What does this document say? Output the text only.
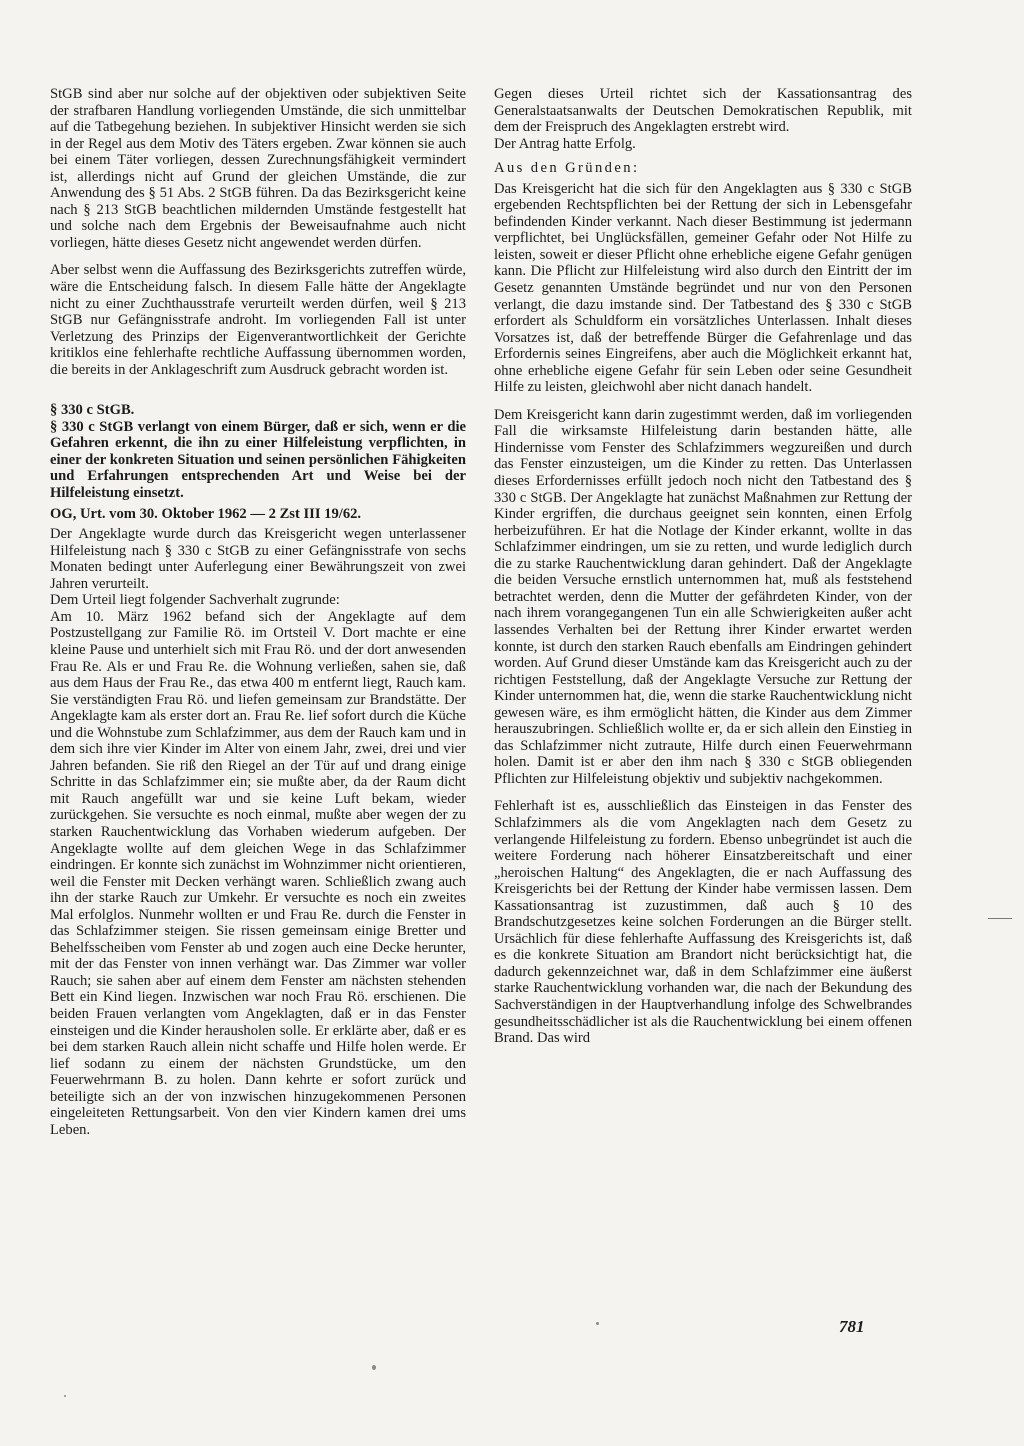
StGB sind aber nur solche auf der objektiven oder subjektiven Seite der strafbaren Handlung vorliegenden Umstände, die sich unmittelbar auf die Tatbegehung beziehen. In subjektiver Hinsicht werden sie sich in der Regel aus dem Motiv des Täters ergeben. Zwar können sie auch bei einem Täter vorliegen, dessen Zurechnungsfähigkeit vermindert ist, allerdings nicht auf Grund der gleichen Umstände, die zur Anwendung des § 51 Abs. 2 StGB führen. Da das Bezirksgericht keine nach § 213 StGB beachtlichen mildernden Umstände festgestellt hat und solche nach dem Ergebnis der Beweisaufnahme auch nicht vorliegen, hätte dieses Gesetz nicht angewendet werden dürfen.

Aber selbst wenn die Auffassung des Bezirksgerichts zutreffen würde, wäre die Entscheidung falsch. In diesem Falle hätte der Angeklagte nicht zu einer Zuchthausstrafe verurteilt werden dürfen, weil § 213 StGB nur Gefängnisstrafe androht. Im vorliegenden Fall ist unter Verletzung des Prinzips der Eigenverantwortlichkeit der Gerichte kritiklos eine fehlerhafte rechtliche Auffassung übernommen worden, die bereits in der Anklageschrift zum Ausdruck gebracht worden ist.

§ 330 c StGB.

§ 330 c StGB verlangt von einem Bürger, daß er sich, wenn er die Gefahren erkennt, die ihn zu einer Hilfeleistung verpflichten, in einer der konkreten Situation und seinen persönlichen Fähigkeiten und Erfahrungen entsprechenden Art und Weise bei der Hilfeleistung einsetzt.

OG, Urt. vom 30. Oktober 1962 — 2 Zst III 19/62.

Der Angeklagte wurde durch das Kreisgericht wegen unterlassener Hilfeleistung nach § 330 c StGB zu einer Gefängnisstrafe von sechs Monaten bedingt unter Auferlegung einer Bewährungszeit von zwei Jahren verurteilt.

Dem Urteil liegt folgender Sachverhalt zugrunde:

Am 10. März 1962 befand sich der Angeklagte auf dem Postzustellgang zur Familie Rö. im Ortsteil V. Dort machte er eine kleine Pause und unterhielt sich mit Frau Rö. und der dort anwesenden Frau Re. Als er und Frau Re. die Wohnung verließen, sahen sie, daß aus dem Haus der Frau Re., das etwa 400 m entfernt liegt, Rauch kam. Sie verständigten Frau Rö. und liefen gemeinsam zur Brandstätte. Der Angeklagte kam als erster dort an. Frau Re. lief sofort durch die Küche und die Wohnstube zum Schlafzimmer, aus dem der Rauch kam und in dem sich ihre vier Kinder im Alter von einem Jahr, zwei, drei und vier Jahren befanden. Sie riß den Riegel an der Tür auf und drang einige Schritte in das Schlafzimmer ein; sie mußte aber, da der Raum dicht mit Rauch angefüllt war und sie keine Luft bekam, wieder zurückgehen. Sie versuchte es noch einmal, mußte aber wegen der zu starken Rauchentwicklung das Vorhaben wiederum aufgeben. Der Angeklagte wollte auf dem gleichen Wege in das Schlafzimmer eindringen. Er konnte sich zunächst im Wohnzimmer nicht orientieren, weil die Fenster mit Decken verhängt waren. Schließlich zwang auch ihn der starke Rauch zur Umkehr. Er versuchte es noch ein zweites Mal erfolglos. Nunmehr wollten er und Frau Re. durch die Fenster in das Schlafzimmer steigen. Sie rissen gemeinsam einige Bretter und Behelfsscheiben vom Fenster ab und zogen auch eine Decke herunter, mit der das Fenster von innen verhängt war. Das Zimmer war voller Rauch; sie sahen aber auf einem dem Fenster am nächsten stehenden Bett ein Kind liegen. Inzwischen war noch Frau Rö. erschienen. Die beiden Frauen verlangten vom Angeklagten, daß er in das Fenster einsteigen und die Kinder herausholen solle. Er erklärte aber, daß er es bei dem starken Rauch allein nicht schaffe und Hilfe holen werde. Er lief sodann zu einem der nächsten Grundstücke, um den Feuerwehrmann B. zu holen. Dann kehrte er sofort zurück und beteiligte sich an der von inzwischen hinzugekommenen Personen eingeleiteten Rettungsarbeit. Von den vier Kindern kamen drei ums Leben.

Gegen dieses Urteil richtet sich der Kassationsantrag des Generalstaatsanwalts der Deutschen Demokratischen Republik, mit dem der Freispruch des Angeklagten erstrebt wird.

Der Antrag hatte Erfolg.

Aus den Gründen:

Das Kreisgericht hat die sich für den Angeklagten aus § 330 c StGB ergebenden Rechtspflichten bei der Rettung der sich in Lebensgefahr befindenden Kinder verkannt. Nach dieser Bestimmung ist jedermann verpflichtet, bei Unglücksfällen, gemeiner Gefahr oder Not Hilfe zu leisten, soweit er dieser Pflicht ohne erhebliche eigene Gefahr genügen kann. Die Pflicht zur Hilfeleistung wird also durch den Eintritt der im Gesetz genannten Umstände begründet und nur von den Personen verlangt, die dazu imstande sind. Der Tatbestand des § 330 c StGB erfordert als Schuldform ein vorsätzliches Unterlassen. Inhalt dieses Vorsatzes ist, daß der betreffende Bürger die Gefahrenlage und das Erfordernis seines Eingreifens, aber auch die Möglichkeit erkannt hat, ohne erhebliche eigene Gefahr für sein Leben oder seine Gesundheit Hilfe zu leisten, gleichwohl aber nicht danach handelt.

Dem Kreisgericht kann darin zugestimmt werden, daß im vorliegenden Fall die wirksamste Hilfeleistung darin bestanden hätte, alle Hindernisse vom Fenster des Schlafzimmers wegzureißen und durch das Fenster einzusteigen, um die Kinder zu retten. Das Unterlassen dieses Erfordernisses erfüllt jedoch noch nicht den Tatbestand des § 330 c StGB. Der Angeklagte hat zunächst Maßnahmen zur Rettung der Kinder ergriffen, die durchaus geeignet sein konnten, einen Erfolg herbeizuführen. Er hat die Notlage der Kinder erkannt, wollte in das Schlafzimmer eindringen, um sie zu retten, und wurde lediglich durch die zu starke Rauchentwicklung daran gehindert. Daß der Angeklagte die beiden Versuche ernstlich unternommen hat, muß als feststehend betrachtet werden, denn die Mutter der gefährdeten Kinder, von der nach ihrem vorangegangenen Tun ein alle Schwierigkeiten außer acht lassendes Verhalten bei der Rettung ihrer Kinder erwartet werden konnte, ist durch den starken Rauch ebenfalls am Eindringen gehindert worden. Auf Grund dieser Umstände kam das Kreisgericht auch zu der richtigen Feststellung, daß der Angeklagte Versuche zur Rettung der Kinder unternommen hat, die, wenn die starke Rauchentwicklung nicht gewesen wäre, es ihm ermöglicht hätten, die Kinder aus dem Zimmer herauszubringen. Schließlich wollte er, da er sich allein den Einstieg in das Schlafzimmer nicht zutraute, Hilfe durch einen Feuerwehrmann holen. Damit ist er aber den ihm nach § 330 c StGB obliegenden Pflichten zur Hilfeleistung objektiv und subjektiv nachgekommen.

Fehlerhaft ist es, ausschließlich das Einsteigen in das Fenster des Schlafzimmers als die vom Angeklagten nach dem Gesetz zu verlangende Hilfeleistung zu fordern. Ebenso unbegründet ist auch die weitere Forderung nach höherer Einsatzbereitschaft und einer „heroischen Haltung“ des Angeklagten, die er nach Auffassung des Kreisgerichts bei der Rettung der Kinder habe vermissen lassen. Dem Kassationsantrag ist zuzustimmen, daß auch § 10 des Brandschutzgesetzes keine solchen Forderungen an die Bürger stellt. Ursächlich für diese fehlerhafte Auffassung des Kreisgerichts ist, daß es die konkrete Situation am Brandort nicht berücksichtigt hat, die dadurch gekennzeichnet war, daß in dem Schlafzimmer eine äußerst starke Rauchentwicklung vorhanden war, die nach der Bekundung des Sachverständigen in der Hauptverhandlung infolge des Schwelbrandes gesundheitsschädlicher ist als die Rauchentwicklung bei einem offenen Brand. Das wird

781
